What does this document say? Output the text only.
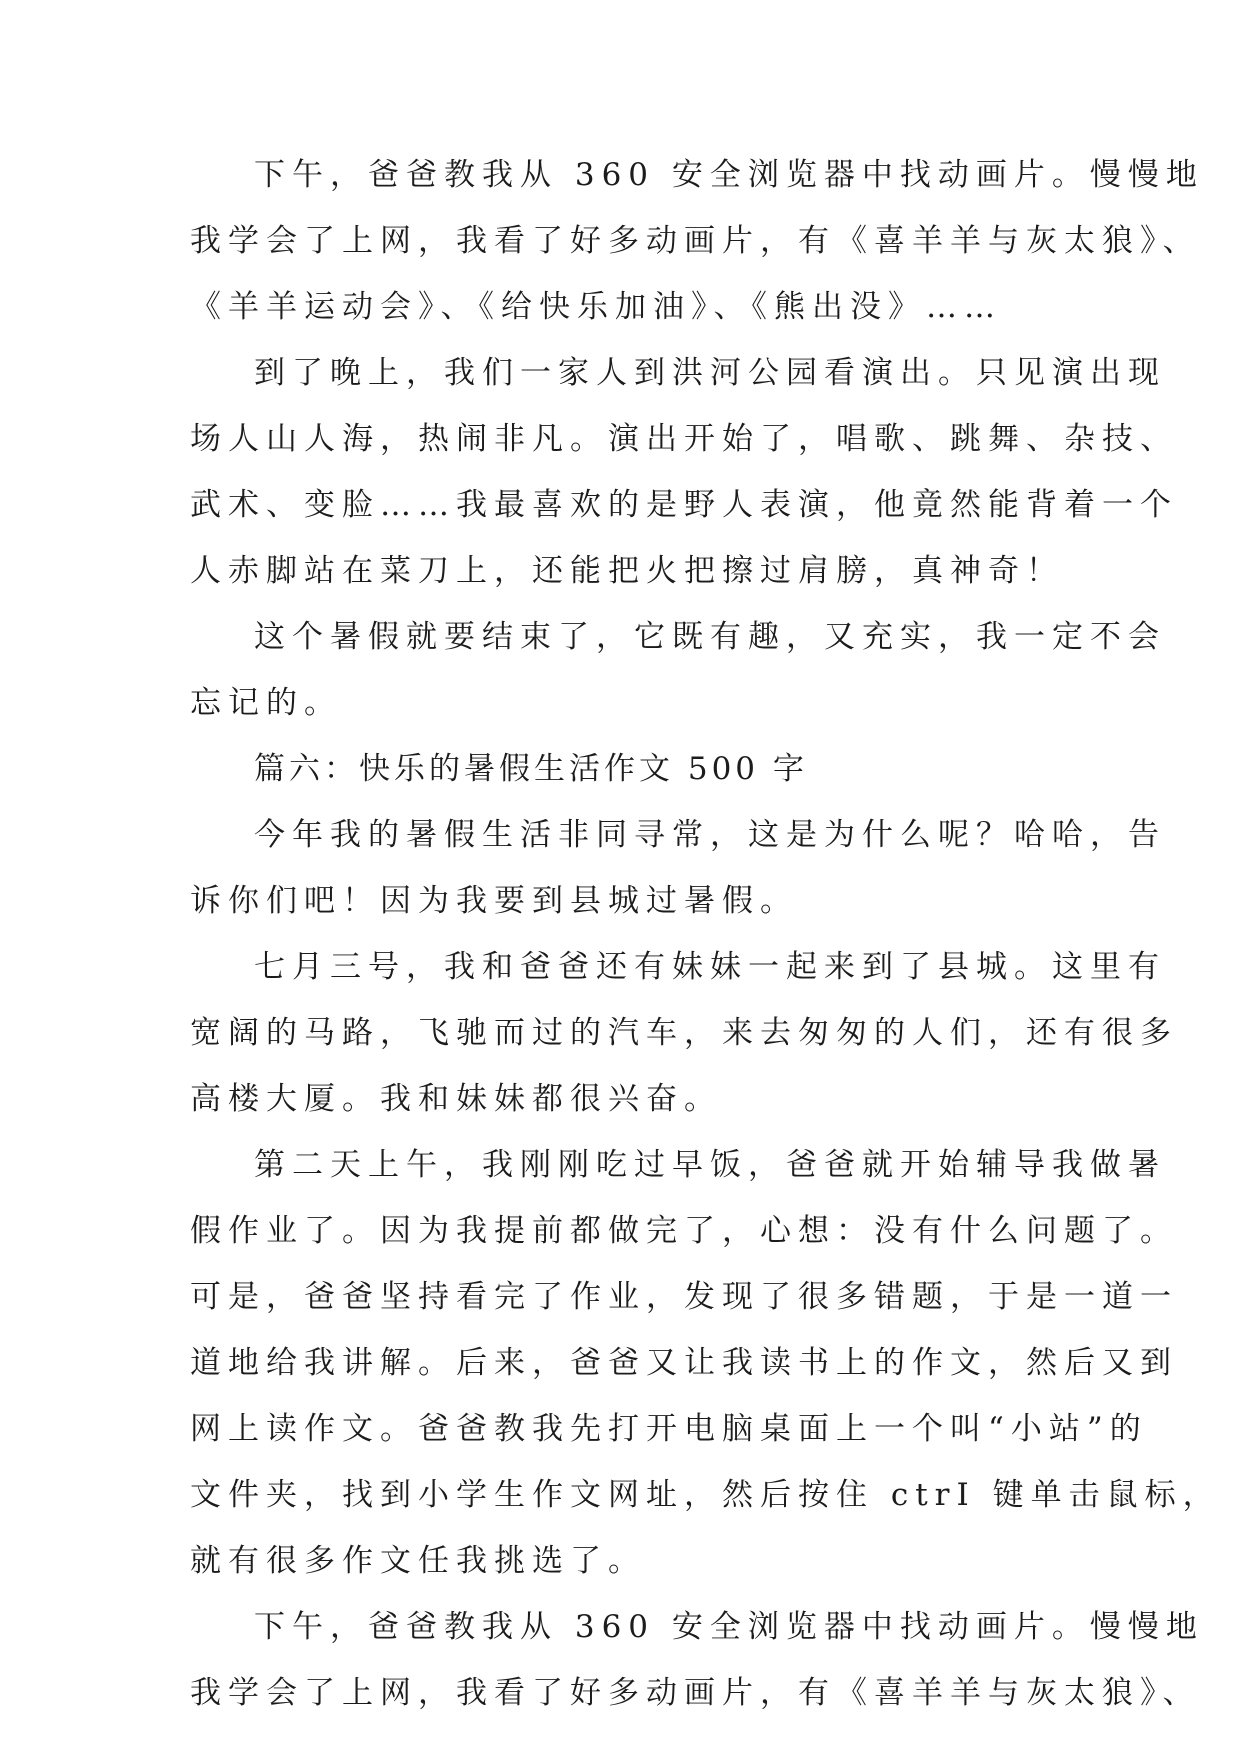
下午，爸爸教我从 360 安全浏览器中找动画片。慢慢地
我学会了上网，我看了好多动画片，有《喜羊羊与灰太狼》、
《羊羊运动会》、《给快乐加油》、《熊出没》……
到了晚上，我们一家人到洪河公园看演出。只见演出现
场人山人海，热闹非凡。演出开始了，唱歌、跳舞、杂技、
武术、变脸……我最喜欢的是野人表演，他竟然能背着一个
人赤脚站在菜刀上，还能把火把擦过肩膀，真神奇！
这个暑假就要结束了，它既有趣，又充实，我一定不会
忘记的。
篇六：快乐的暑假生活作文 500 字
今年我的暑假生活非同寻常，这是为什么呢？哈哈，告
诉你们吧！因为我要到县城过暑假。
七月三号，我和爸爸还有妹妹一起来到了县城。这里有
宽阔的马路，飞驰而过的汽车，来去匆匆的人们，还有很多
高楼大厦。我和妹妹都很兴奋。
第二天上午，我刚刚吃过早饭，爸爸就开始辅导我做暑
假作业了。因为我提前都做完了，心想：没有什么问题了。
可是，爸爸坚持看完了作业，发现了很多错题，于是一道一
道地给我讲解。后来，爸爸又让我读书上的作文，然后又到
网上读作文。爸爸教我先打开电脑桌面上一个叫“小站”的
文件夹，找到小学生作文网址，然后按住 ctrI 键单击鼠标，
就有很多作文任我挑选了。
下午，爸爸教我从 360 安全浏览器中找动画片。慢慢地
我学会了上网，我看了好多动画片，有《喜羊羊与灰太狼》、
